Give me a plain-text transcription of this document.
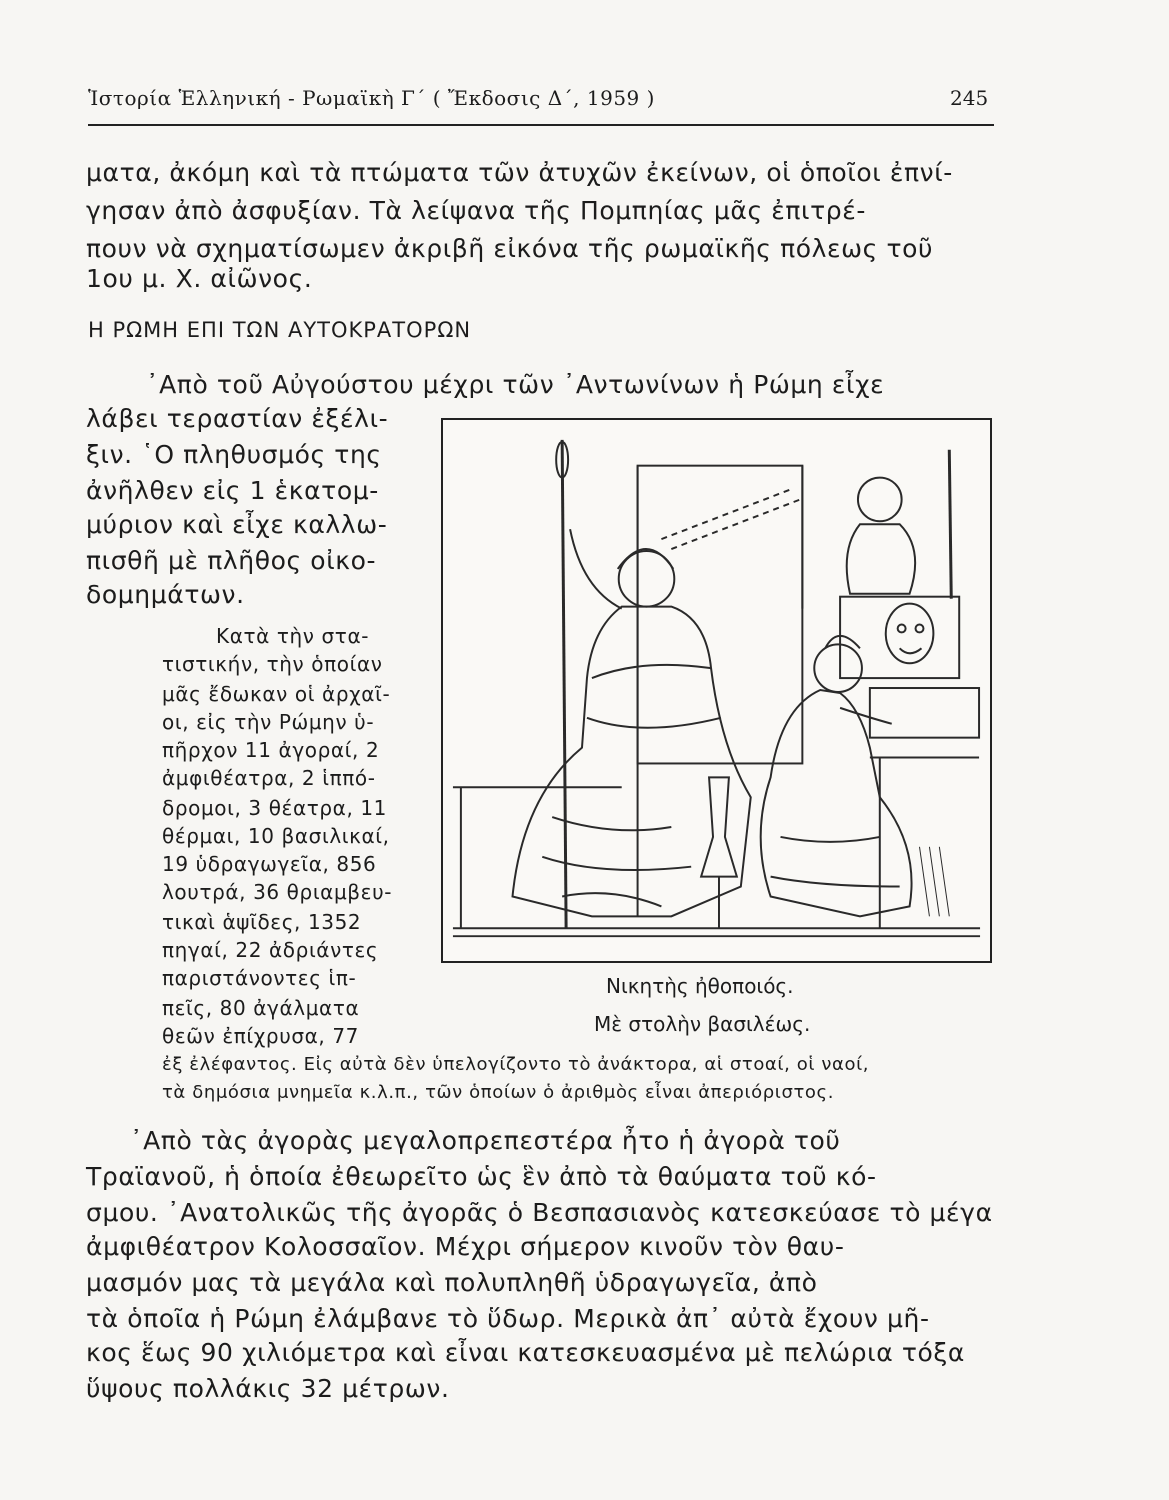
Ἱστορία Ἑλληνική - Ρωμαϊκὴ Γ΄ ( Ἔκδοσις Δ΄, 1959 )	245
ματα, ἀκόμη καὶ τὰ πτώματα τῶν ἀτυχῶν ἐκείνων, οἱ ὁποῖοι ἐπνί-
γησαν ἀπὸ ἀσφυξίαν. Τὰ λείψανα τῆς Πομπηίας μᾶς ἐπιτρέ-
πουν νὰ σχηματίσωμεν ἀκριβῆ εἰκόνα τῆς ρωμαϊκῆς πόλεως τοῦ
1ου μ. Χ. αἰῶνος.
Η ΡΩΜΗ ΕΠΙ ΤΩΝ ΑΥΤΟΚΡΑΤΟΡΩΝ
᾿Απὸ τοῦ Αὐγούστου μέχρι τῶν ᾿Αντωνίνων ἡ Ρώμη εἶχε
λάβει τεραστίαν ἐξέλι-
ξιν. ῾Ο πληθυσμός της
ἀνῆλθεν εἰς 1 ἑκατομ-
μύριον καὶ εἶχε καλλω-
πισθῆ μὲ πλῆθος οἰκο-
δομημάτων.
Κατὰ τὴν στα-
τιστικήν, τὴν ὁποίαν
μᾶς ἔδωκαν οἱ ἀρχαῖ-
οι, εἰς τὴν Ρώμην ὑ-
πῆρχον 11 ἀγοραί, 2
ἀμφιθέατρα, 2 ἱππό-
δρομοι, 3 θέατρα, 11
θέρμαι, 10 βασιλικαί,
19 ὑδραγωγεῖα, 856
λουτρά, 36 θριαμβευ-
τικαὶ ἁψῖδες, 1352
πηγαί, 22 ἀδριάντες
παριστάνοντες ἱπ-
πεῖς, 80 ἀγάλματα
θεῶν ἐπίχρυσα, 77
ἐξ ἐλέφαντος. Εἰς αὐτὰ δὲν ὑπελογίζοντο τὸ ἀνάκτορα, αἱ στοαί, οἱ ναοί,
τὰ δημόσια μνημεῖα κ.λ.π., τῶν ὁποίων ὁ ἀριθμὸς εἶναι ἀπεριόριστος.
Νικητὴς ἠθοποιός.
Μὲ στολὴν βασιλέως.
᾿Απὸ τὰς ἀγορὰς μεγαλοπρεπεστέρα ἦτο ἡ ἀγορὰ τοῦ
Τραϊανοῦ, ἡ ὁποία ἐθεωρεῖτο ὡς ἓν ἀπὸ τὰ θαύματα τοῦ κό-
σμου. ᾿Ανατολικῶς τῆς ἀγορᾶς ὁ Βεσπασιανὸς κατεσκεύασε τὸ μέγα
ἀμφιθέατρον Κολοσσαῖον. Μέχρι σήμερον κινοῦν τὸν θαυ-
μασμόν μας τὰ μεγάλα καὶ πολυπληθῆ ὑδραγωγεῖα, ἀπὸ
τὰ ὁποῖα ἡ Ρώμη ἐλάμβανε τὸ ὕδωρ. Μερικὰ ἀπ᾿ αὐτὰ ἔχουν μῆ-
κος ἕως 90 χιλιόμετρα καὶ εἶναι κατεσκευασμένα μὲ πελώρια τόξα
ὕψους πολλάκις 32 μέτρων.
